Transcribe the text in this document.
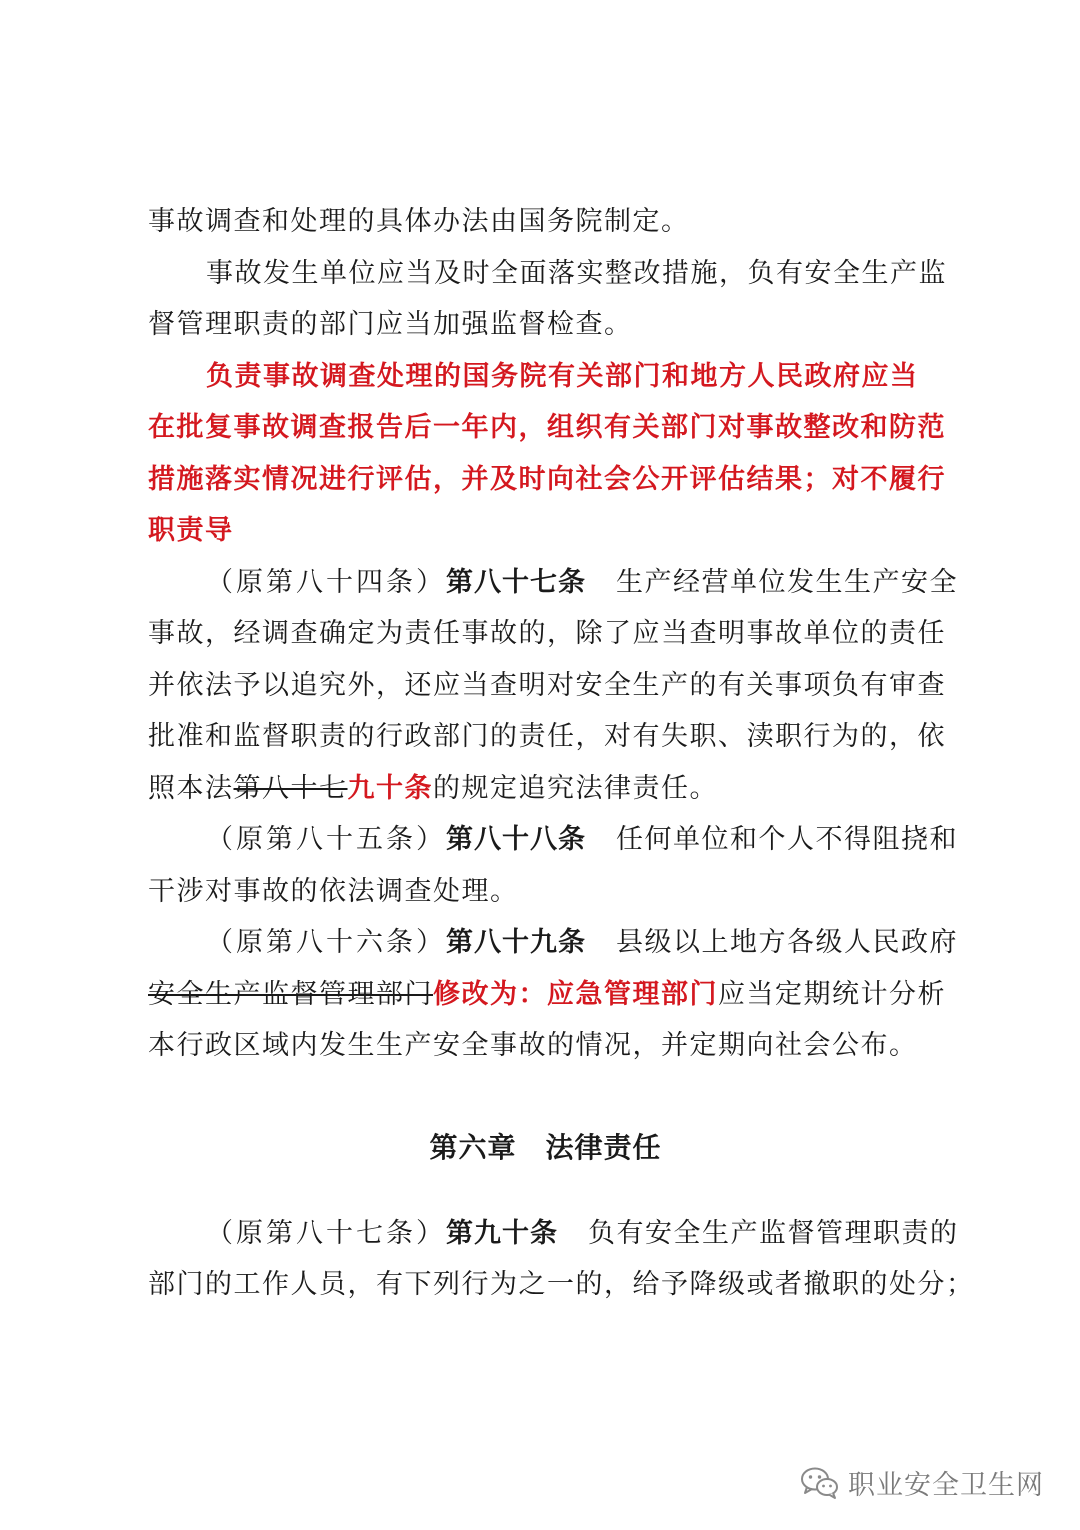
事故调查和处理的具体办法由国务院制定。
事故发生单位应当及时全面落实整改措施，负有安全生产监
督管理职责的部门应当加强监督检查。
负责事故调查处理的国务院有关部门和地方人民政府应当
在批复事故调查报告后一年内，组织有关部门对事故整改和防范
措施落实情况进行评估，并及时向社会公开评估结果；对不履行
职责导
（原第八十四条）第八十七条 生产经营单位发生生产安全
事故，经调查确定为责任事故的，除了应当查明事故单位的责任
并依法予以追究外，还应当查明对安全生产的有关事项负有审查
批准和监督职责的行政部门的责任，对有失职、渎职行为的，依
照本法第八十七九十条的规定追究法律责任。
（原第八十五条）第八十八条 任何单位和个人不得阻挠和
干涉对事故的依法调查处理。
（原第八十六条）第八十九条 县级以上地方各级人民政府
安全生产监督管理部门修改为：应急管理部门应当定期统计分析
本行政区域内发生生产安全事故的情况，并定期向社会公布。
第六章　法律责任
（原第八十七条）第九十条 负有安全生产监督管理职责的
部门的工作人员，有下列行为之一的，给予降级或者撤职的处分；
职业安全卫生网
